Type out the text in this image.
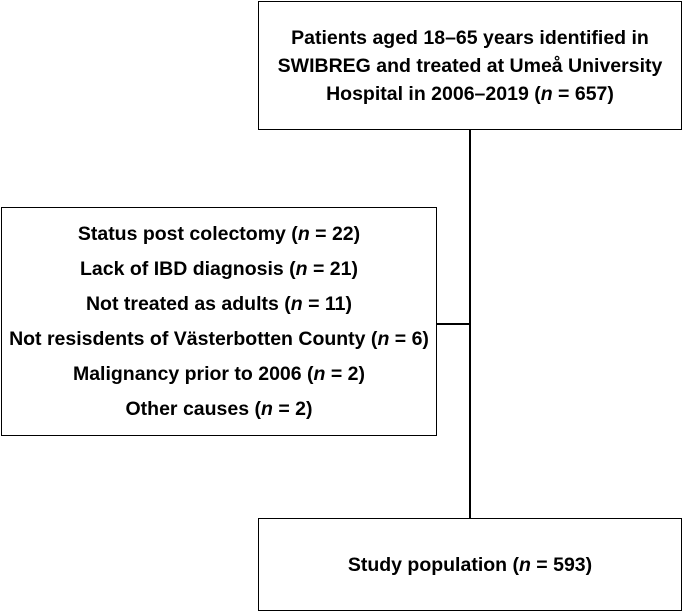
Patients aged 18–65 years identified in
SWIBREG and treated at Umeå University
Hospital in 2006–2019 (n = 657)
Status post colectomy (n = 22)
Lack of IBD diagnosis (n = 21)
Not treated as adults (n = 11)
Not resisdents of Västerbotten County (n = 6)
Malignancy prior to 2006 (n = 2)
Other causes (n = 2)
Study population (n = 593)
